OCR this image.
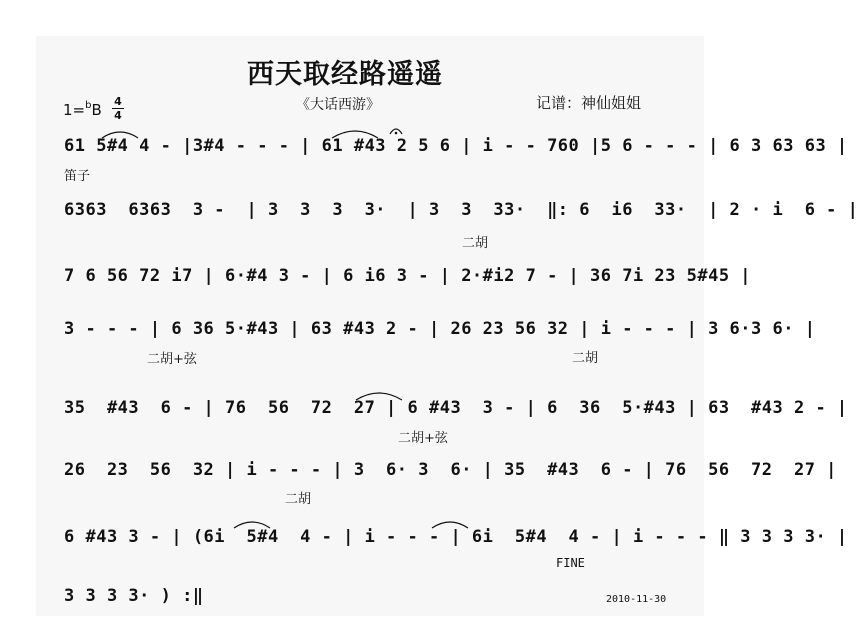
西天取经路遥遥
《大话西游》	记谱：神仙姐姐
1=$^b$B 4
4
61 5#4 4 - |3#4 - - - | 61 #43 2 5 6 | i - - 760 |5 6 - - - | 6 3 63 63 |
6363  6363  3 -  | 3  3  3  3·  | 3  3  33·  ‖: 6  i6  33·  | 2 · i  6 - |
7 6 56 72 i7 | 6·#4 3 - | 6 i6 3 - | 2·#i2 7 - | 36 7i 23 5#45 |
3 - - - | 6 36 5·#43 | 63 #43 2 - | 26 23 56 32 | i - - - | 3 6·3 6· |
35  #43  6 - | 76  56  72  27 | 6 #43  3 - | 6  36  5·#43 | 63  #43 2 - |
26  23  56  32 | i - - - | 3  6· 3  6· | 35  #43  6 - | 76  56  72  27 |
6 #43 3 - | (6i  5#4  4 - | i - - - | 6i  5#4  4 - | i - - - ‖ 3 3 3 3· |
3 3 3 3· ) :‖
笛子
二胡
二胡+弦	二胡
二胡+弦
二胡
FINE
2010-11-30
